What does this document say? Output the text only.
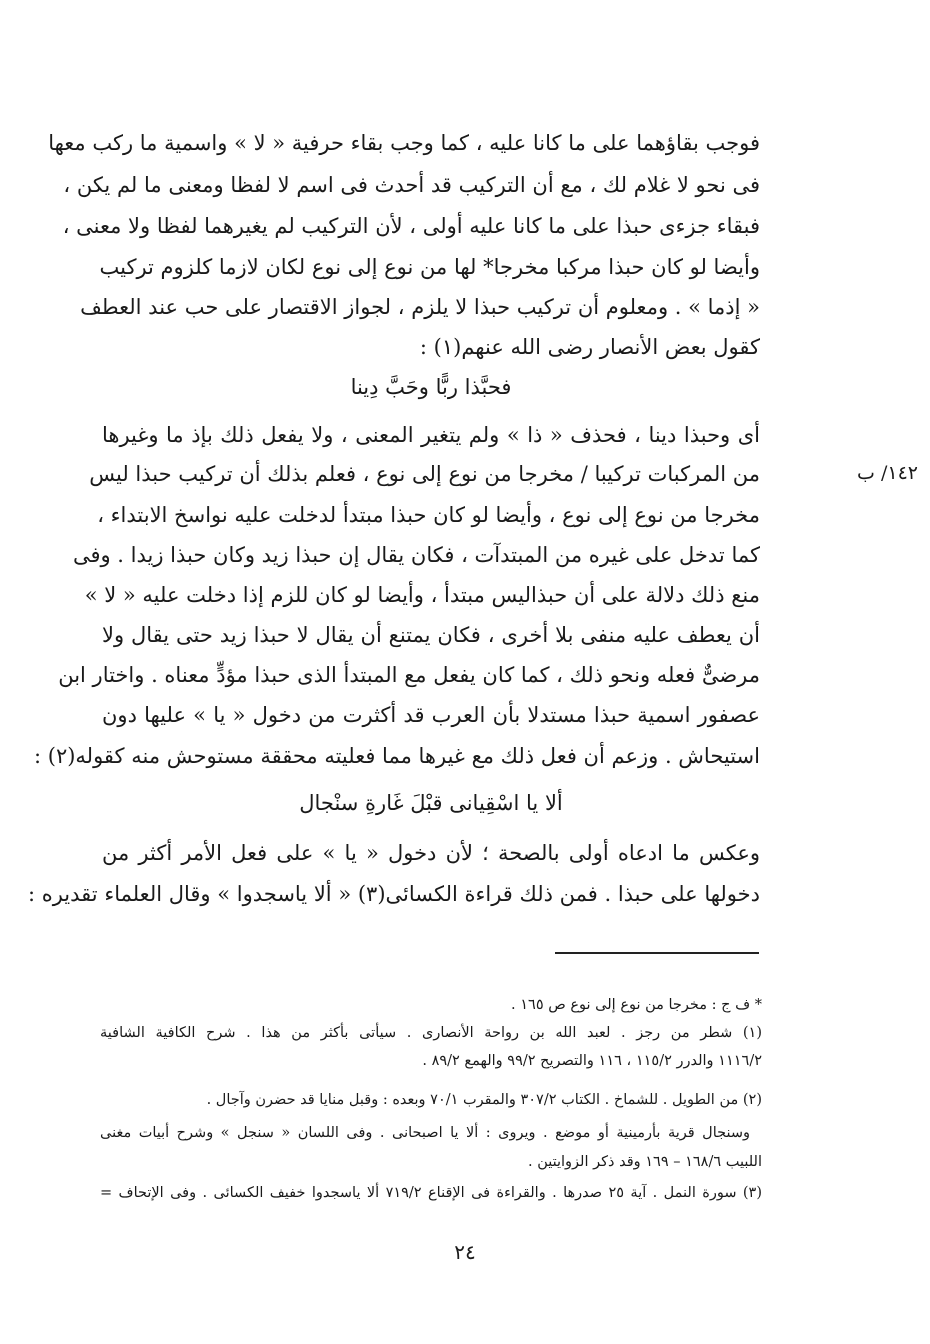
فوجب بقاؤهما على ما كانا عليه ، كما وجب بقاء حرفية « لا » واسمية ما ركب معها
فى نحو لا غلام لك ، مع أن التركيب قد أحدث فى اسم لا لفظا ومعنى ما لم يكن ،
فبقاء جزءى حبذا على ما كانا عليه أولى ، لأن التركيب لم يغيرهما لفظا ولا معنى ،
وأيضا لو كان حبذا مركبا مخرجا* لها من نوع إلى نوع لكان لازما كلزوم تركيب
« إذما » . ومعلوم أن تركيب حبذا لا يلزم ، لجواز الاقتصار على حب عند العطف
كقول بعض الأنصار رضى الله عنهم(١) :
فحبَّذا ربًّا وحَبَّ دِينا
أى وحبذا دينا ، فحذف « ذا » ولم يتغير المعنى ، ولا يفعل ذلك بإذ ما وغيرها
من المركبات تركيبا / مخرجا من نوع إلى نوع ، فعلم بذلك أن تركيب حبذا ليس
مخرجا من نوع إلى نوع ، وأيضا لو كان حبذا مبتدأ لدخلت عليه نواسخ الابتداء ،
كما تدخل على غيره من المبتدآت ، فكان يقال إن حبذا زيد وكان حبذا زيدا . وفى
منع ذلك دلالة على أن حبذاليس مبتدأ ، وأيضا لو كان للزم إذا دخلت عليه « لا »
أن يعطف عليه منفى بلا أخرى ، فكان يمتنع أن يقال لا حبذا زيد حتى يقال ولا
مرضىٌّ فعله ونحو ذلك ، كما كان يفعل مع المبتدأ الذى حبذا مؤدٍّ معناه . واختار ابن
عصفور اسمية حبذا مستدلا بأن العرب قد أكثرت من دخول « يا » عليها دون
استيحاش . وزعم أن فعل ذلك مع غيرها مما فعليته محققة مستوحش منه كقوله(٢) :
ألا يا اسْقِيانى قبْلَ غَارةِ سنْجال
وعكس ما ادعاه أولى بالصحة ؛ لأن دخول « يا » على فعل الأمر أكثر من
دخولها على حبذا . فمن ذلك قراءة الكسائى(٣) « ألا ياسجدوا » وقال العلماء تقديره :
١٤٢/ ب
* ف ج : مخرجا من نوع إلى نوع ص ١٦٥ .
(١) شطر من رجز . لعبد الله بن رواحة الأنصارى . سيأتى بأكثر من هذا . شرح الكافية الشافية
١١١٦/٢ والدرر ١١٥/٢ ، ١١٦ والتصريح ٩٩/٢ والهمع ٨٩/٢ .
(٢) من الطويل . للشماخ . الكتاب ٣٠٧/٢ والمقرب ٧٠/١ وبعده : وقبل منايا قد حضرن وآجال .
وسنجال قرية بأرمينية أو موضع . ويروى : ألا يا اصبحانى . وفى اللسان « سنجل » وشرح أبيات مغنى
اللبيب ١٦٨/٦ – ١٦٩ وقد ذكر الزوايتين .
(٣) سورة النمل . آية ٢٥ صدرها . والقراءة فى الإقناع ٧١٩/٢ ألا ياسجدوا خفيف الكسائى . وفى الإتحاف =
٢٤
